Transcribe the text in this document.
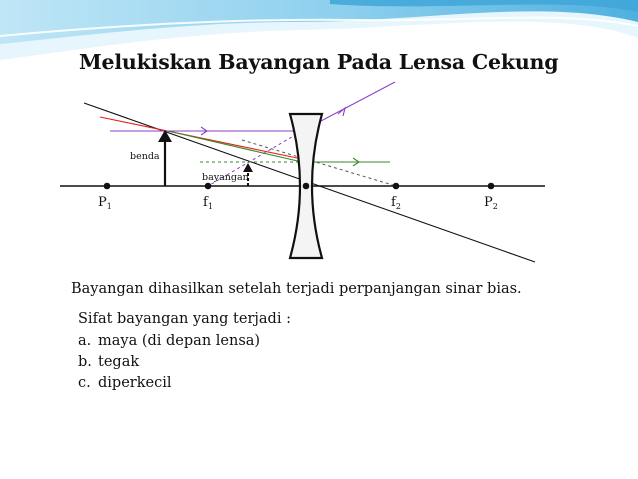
Melukiskan Bayangan Pada Lensa Cekung
benda
bayangan
$P_1$	$f_1$	$f_2$	$P_2$
Bayangan dihasilkan setelah terjadi perpanjangan sinar bias.
Sifat bayangan yang terjadi :
a. maya (di depan lensa)
b. tegak
c. diperkecil
